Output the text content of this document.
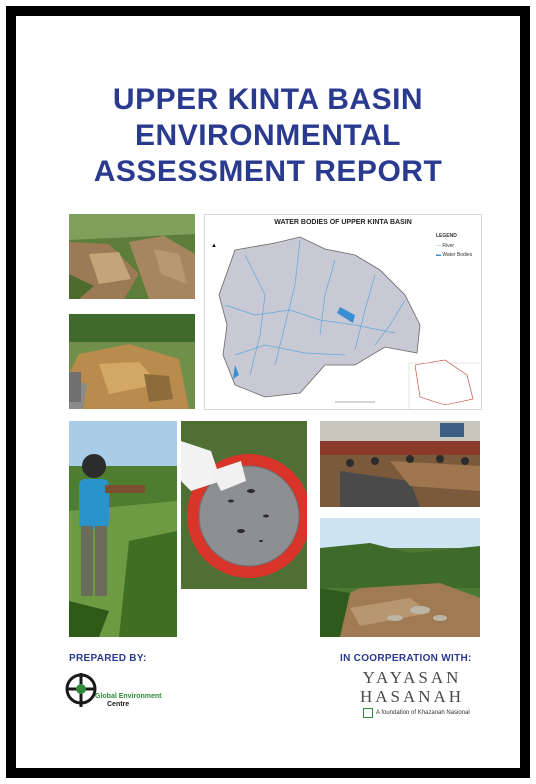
UPPER KINTA BASIN
ENVIRONMENTAL
ASSESSMENT REPORT
WATER BODIES OF UPPER KINTA BASIN
▲
LEGEND
— River
▬ Water Bodies
PREPARED BY:	IN COORPERATION WITH:
Global Environment
Centre
YAYASAN
HASANAH
A foundation of Khazanah Nasional
